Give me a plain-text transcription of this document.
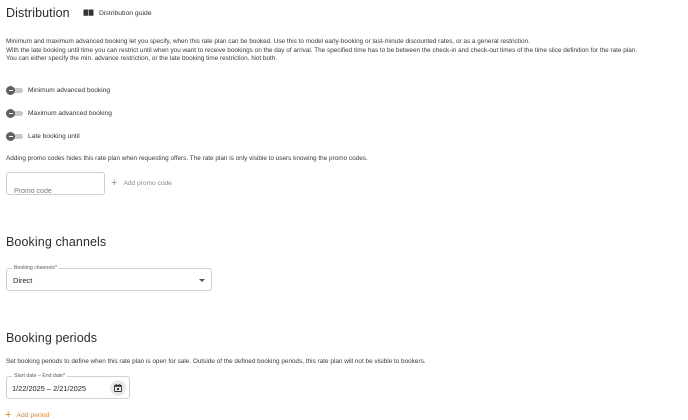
Distribution	Distribution guide
Minimum and maximum advanced booking let you specify, when this rate plan can be booked. Use this to model early-booking or last-minute discounted rates, or as a general restriction.
With the late booking until time you can restrict until when you want to receive bookings on the day of arrival. The specified time has to be between the check-in and check-out times of the time slice definition for the rate plan.
You can either specify the min. advance restriction, or the late booking time restriction. Not both.
Minimum advanced booking
Maximum advanced booking
Late booking until
Adding promo codes hides this rate plan when requesting offers. The rate plan is only visible to users knowing the promo codes.
Promo code
+ Add promo code
Booking channels
Booking channels*
Direct
Booking periods
Set booking periods to define when this rate plan is open for sale. Outside of the defined booking periods, this rate plan will not be visible to bookers.
Start date – End date*
1/22/2025 – 2/21/2025
+ Add period
